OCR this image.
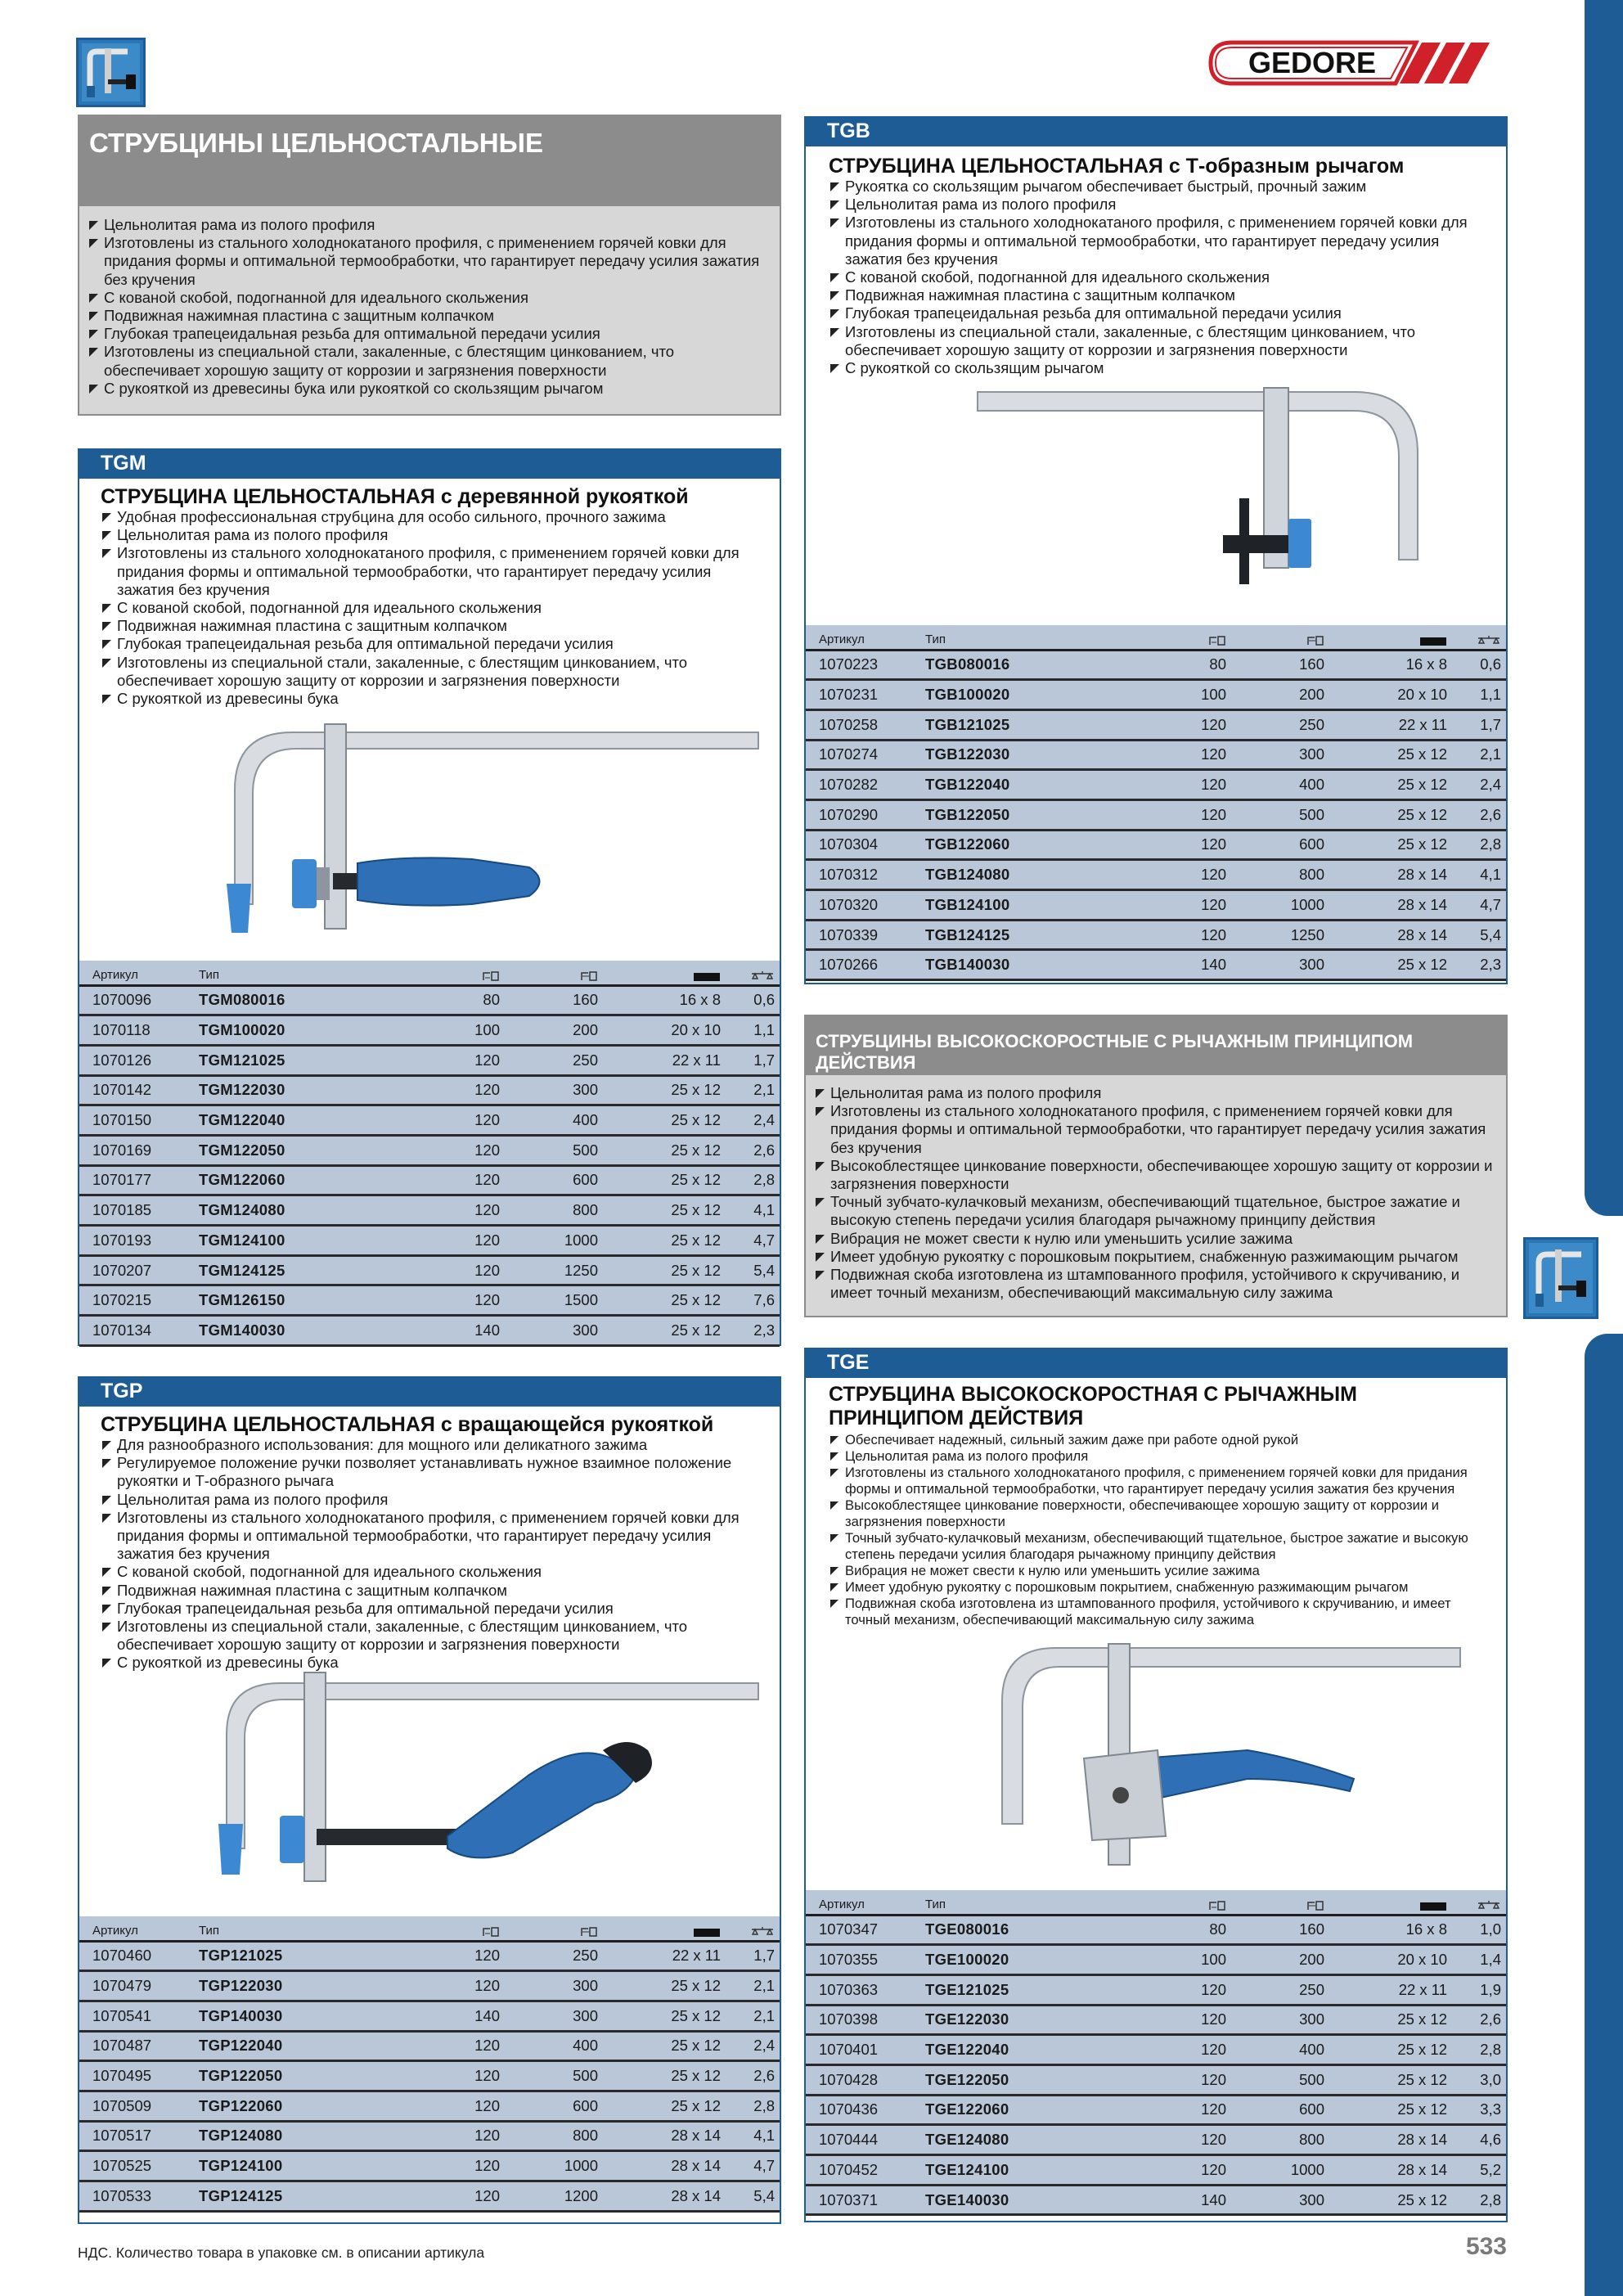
GEDORE
СТРУБЦИНЫ ЦЕЛЬНОСТАЛЬНЫЕ
Цельнолитая рама из полого профиля
Изготовлены из стального холоднокатаного профиля, с применением горячей ковки для придания формы и оптимальной термообработки, что гарантирует передачу усилия зажатия без кручения
С кованой скобой, подогнанной для идеального скольжения
Подвижная нажимная пластина с защитным колпачком
Глубокая трапецеидальная резьба для оптимальной передачи усилия
Изготовлены из специальной стали, закаленные, с блестящим цинкованием, что обеспечивает хорошую защиту от коррозии и загрязнения поверхности
С рукояткой из древесины бука или рукояткой со скользящим рычагом
TGM
СТРУБЦИНА ЦЕЛЬНОСТАЛЬНАЯ с деревянной рукояткой
Удобная профессиональная струбцина для особо сильного, прочного зажима
Цельнолитая рама из полого профиля
Изготовлены из стального холоднокатаного профиля, с применением горячей ковки для придания формы и оптимальной термообработки, что гарантирует передачу усилия зажатия без кручения
С кованой скобой, подогнанной для идеального скольжения
Подвижная нажимная пластина с защитным колпачком
Глубокая трапецеидальная резьба для оптимальной передачи усилия
Изготовлены из специальной стали, закаленные, с блестящим цинкованием, что обеспечивает хорошую защиту от коррозии и загрязнения поверхности
С рукояткой из древесины бука
Артикул	Тип	

1070096	TGM080016	80	160	16 x 8	0,6
1070118	TGM100020	100	200	20 x 10	1,1
1070126	TGM121025	120	250	22 x 11	1,7
1070142	TGM122030	120	300	25 x 12	2,1
1070150	TGM122040	120	400	25 x 12	2,4
1070169	TGM122050	120	500	25 x 12	2,6
1070177	TGM122060	120	600	25 x 12	2,8
1070185	TGM124080	120	800	25 x 12	4,1
1070193	TGM124100	120	1000	25 x 12	4,7
1070207	TGM124125	120	1250	25 x 12	5,4
1070215	TGM126150	120	1500	25 x 12	7,6
1070134	TGM140030	140	300	25 x 12	2,3
TGP
СТРУБЦИНА ЦЕЛЬНОСТАЛЬНАЯ с вращающейся рукояткой
Для разнообразного использования: для мощного или деликатного зажима
Регулируемое положение ручки позволяет устанавливать нужное взаимное положение рукоятки и Т-образного рычага
Цельнолитая рама из полого профиля
Изготовлены из стального холоднокатаного профиля, с применением горячей ковки для придания формы и оптимальной термообработки, что гарантирует передачу усилия зажатия без кручения
С кованой скобой, подогнанной для идеального скольжения
Подвижная нажимная пластина с защитным колпачком
Глубокая трапецеидальная резьба для оптимальной передачи усилия
Изготовлены из специальной стали, закаленные, с блестящим цинкованием, что обеспечивает хорошую защиту от коррозии и загрязнения поверхности
С рукояткой из древесины бука
Артикул	Тип	

1070460	TGP121025	120	250	22 x 11	1,7
1070479	TGP122030	120	300	25 x 12	2,1
1070541	TGP140030	140	300	25 x 12	2,1
1070487	TGP122040	120	400	25 x 12	2,4
1070495	TGP122050	120	500	25 x 12	2,6
1070509	TGP122060	120	600	25 x 12	2,8
1070517	TGP124080	120	800	28 x 14	4,1
1070525	TGP124100	120	1000	28 x 14	4,7
1070533	TGP124125	120	1200	28 x 14	5,4
TGB
СТРУБЦИНА ЦЕЛЬНОСТАЛЬНАЯ с Т-образным рычагом
Рукоятка со скользящим рычагом обеспечивает быстрый, прочный зажим
Цельнолитая рама из полого профиля
Изготовлены из стального холоднокатаного профиля, с применением горячей ковки для придания формы и оптимальной термообработки, что гарантирует передачу усилия зажатия без кручения
С кованой скобой, подогнанной для идеального скольжения
Подвижная нажимная пластина с защитным колпачком
Глубокая трапецеидальная резьба для оптимальной передачи усилия
Изготовлены из специальной стали, закаленные, с блестящим цинкованием, что обеспечивает хорошую защиту от коррозии и загрязнения поверхности
С рукояткой со скользящим рычагом
Артикул	Тип	

1070223	TGB080016	80	160	16 x 8	0,6
1070231	TGB100020	100	200	20 x 10	1,1
1070258	TGB121025	120	250	22 x 11	1,7
1070274	TGB122030	120	300	25 x 12	2,1
1070282	TGB122040	120	400	25 x 12	2,4
1070290	TGB122050	120	500	25 x 12	2,6
1070304	TGB122060	120	600	25 x 12	2,8
1070312	TGB124080	120	800	28 x 14	4,1
1070320	TGB124100	120	1000	28 x 14	4,7
1070339	TGB124125	120	1250	28 x 14	5,4
1070266	TGB140030	140	300	25 x 12	2,3
СТРУБЦИНЫ ВЫСОКОСКОРОСТНЫЕ С РЫЧАЖНЫМ ПРИНЦИПОМ ДЕЙСТВИЯ
Цельнолитая рама из полого профиля
Изготовлены из стального холоднокатаного профиля, с применением горячей ковки для придания формы и оптимальной термообработки, что гарантирует передачу усилия зажатия без кручения
Высокоблестящее цинкование поверхности, обеспечивающее хорошую защиту от коррозии и загрязнения поверхности
Точный зубчато-кулачковый механизм, обеспечивающий тщательное, быстрое зажатие и высокую степень передачи усилия благодаря рычажному принципу действия
Вибрация не может свести к нулю или уменьшить усилие зажима
Имеет удобную рукоятку с порошковым покрытием, снабженную разжимающим рычагом
Подвижная скоба изготовлена из штампованного профиля, устойчивого к скручиванию, и имеет точный механизм, обеспечивающий максимальную силу зажима
TGE
СТРУБЦИНА ВЫСОКОСКОРОСТНАЯ С РЫЧАЖНЫМ ПРИНЦИПОМ ДЕЙСТВИЯ
Обеспечивает надежный, сильный зажим даже при работе одной рукой
Цельнолитая рама из полого профиля
Изготовлены из стального холоднокатаного профиля, с применением горячей ковки для придания формы и оптимальной термообработки, что гарантирует передачу усилия зажатия без кручения
Высокоблестящее цинкование поверхности, обеспечивающее хорошую защиту от коррозии и загрязнения поверхности
Точный зубчато-кулачковый механизм, обеспечивающий тщательное, быстрое зажатие и высокую степень передачи усилия благодаря рычажному принципу действия
Вибрация не может свести к нулю или уменьшить усилие зажима
Имеет удобную рукоятку с порошковым покрытием, снабженную разжимающим рычагом
Подвижная скоба изготовлена из штампованного профиля, устойчивого к скручиванию, и имеет точный механизм, обеспечивающий максимальную силу зажима
Артикул	Тип	

1070347	TGE080016	80	160	16 x 8	1,0
1070355	TGE100020	100	200	20 x 10	1,4
1070363	TGE121025	120	250	22 x 11	1,9
1070398	TGE122030	120	300	25 x 12	2,6
1070401	TGE122040	120	400	25 x 12	2,8
1070428	TGE122050	120	500	25 x 12	3,0
1070436	TGE122060	120	600	25 x 12	3,3
1070444	TGE124080	120	800	28 x 14	4,6
1070452	TGE124100	120	1000	28 x 14	5,2
1070371	TGE140030	140	300	25 x 12	2,8
НДС. Количество товара в упаковке см. в описании артикула	533
